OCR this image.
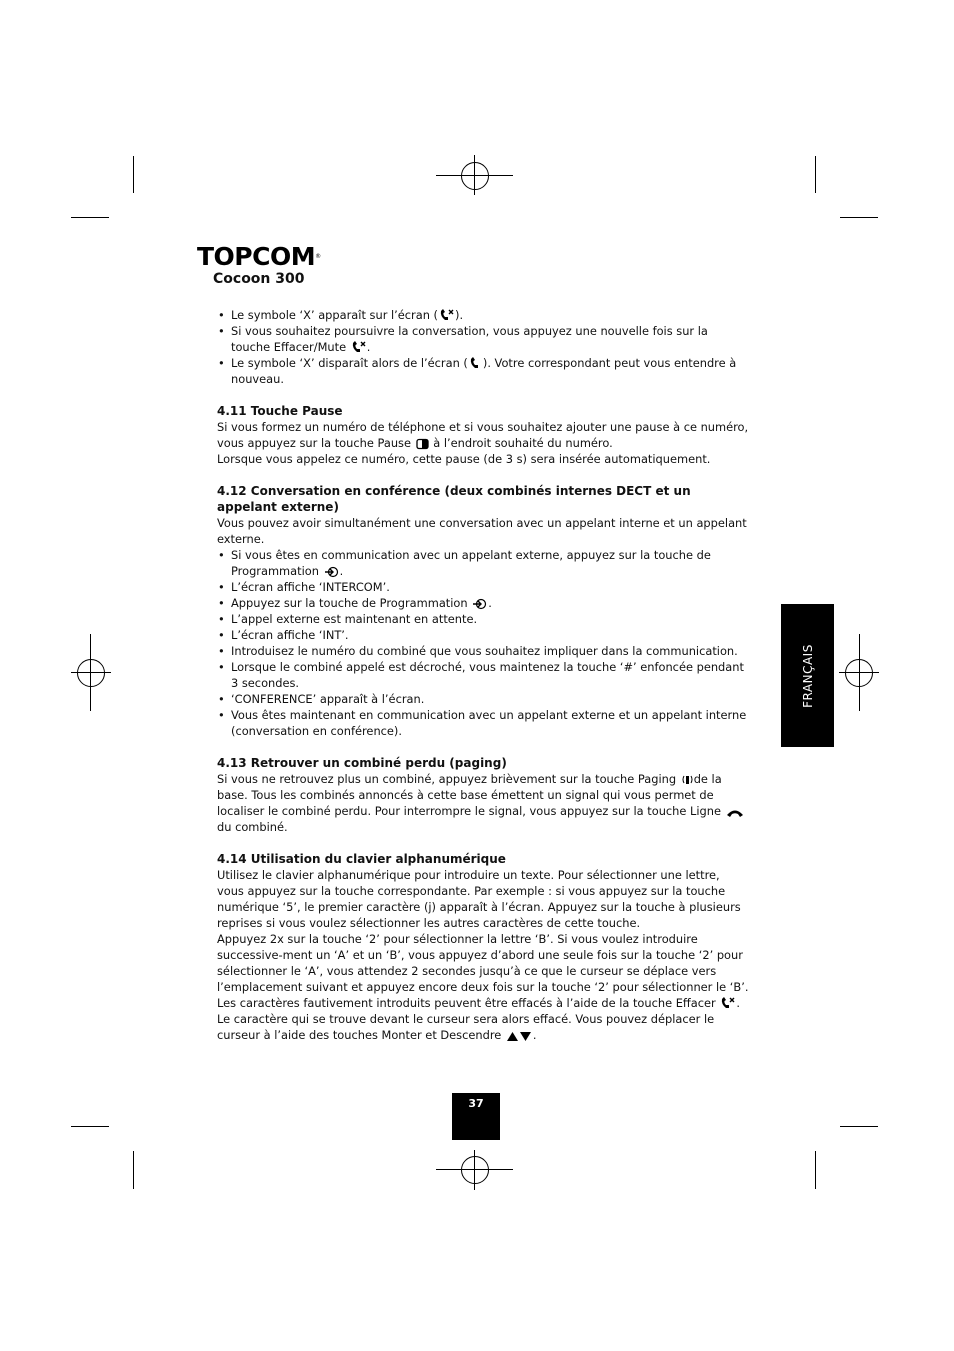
TOPCOM®
Cocoon 300
• Le symbole ‘X’ apparaît sur l’écran ( ).
• Si vous souhaitez poursuivre la conversation, vous appuyez une nouvelle fois sur la touche Effacer/Mute .
• Le symbole ‘X’ disparaît alors de l’écran ( ). Votre correspondant peut vous entendre à nouveau.
4.11 Touche Pause

Si vous formez un numéro de téléphone et si vous souhaitez ajouter une pause à ce numéro, vous appuyez sur la touche Pause  à l’endroit souhaité du numéro.

Lorsque vous appelez ce numéro, cette pause (de 3 s) sera insérée automatiquement.

4.12 Conversation en conférence (deux combinés internes DECT et un appelant externe)

Vous pouvez avoir simultanément une conversation avec un appelant interne et un appelant externe.

• Si vous êtes en communication avec un appelant externe, appuyez sur la touche de Programmation .
• L’écran affiche ‘INTERCOM’.
• Appuyez sur la touche de Programmation .
• L’appel externe est maintenant en attente.
• L’écran affiche ‘INT’.
• Introduisez le numéro du combiné que vous souhaitez impliquer dans la communication.
• Lorsque le combiné appelé est décroché, vous maintenez la touche ‘#’ enfoncée pendant 3 secondes.
• ‘CONFERENCE’ apparaît à l’écran.
• Vous êtes maintenant en communication avec un appelant externe et un appelant interne (conversation en conférence).
4.13 Retrouver un combiné perdu (paging)

Si vous ne retrouvez plus un combiné, appuyez brièvement sur la touche Paging de la base. Tous les combinés annoncés à cette base émettent un signal qui vous permet de localiser le combiné perdu. Pour interrompre le signal, vous appuyez sur la touche Ligne  du combiné.

4.14 Utilisation du clavier alphanumérique

Utilisez le clavier alphanumérique pour introduire un texte. Pour sélectionner une lettre, vous appuyez sur la touche correspondante. Par exemple : si vous appuyez sur la touche numérique ‘5’, le premier caractère (j) apparaît à l’écran. Appuyez sur la touche à plusieurs reprises si vous voulez sélectionner les autres caractères de cette touche.

Appuyez 2x sur la touche ‘2’ pour sélectionner la lettre ‘B’. Si vous voulez introduire successive-ment un ‘A’ et un ‘B’, vous appuyez d’abord une seule fois sur la touche ‘2’ pour sélectionner le ‘A’, vous attendez 2 secondes jusqu’à ce que le curseur se déplace vers l’emplacement suivant et appuyez encore deux fois sur la touche ‘2’ pour sélectionner le ‘B’.

Les caractères fautivement introduits peuvent être effacés à l’aide de la touche Effacer . Le caractère qui se trouve devant le curseur sera alors effacé. Vous pouvez déplacer le curseur à l’aide des touches Monter et Descendre .

FRANÇAIS
37
